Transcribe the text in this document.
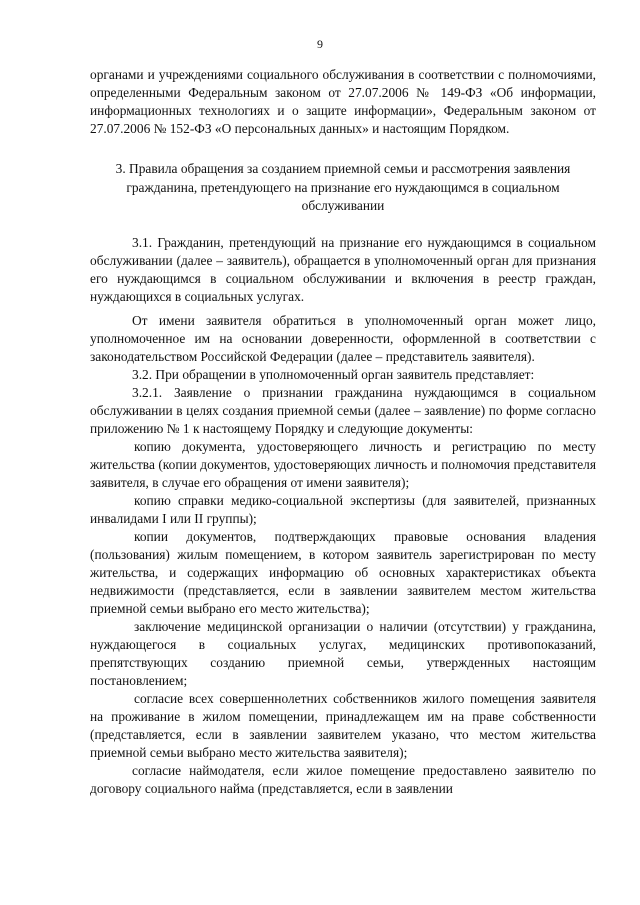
9

органами и учреждениями социального обслуживания в соответствии с полномочиями, определенными Федеральным законом от 27.07.2006 № 149-ФЗ «Об информации, информационных технологиях и о защите информации», Федеральным законом от 27.07.2006 № 152-ФЗ «О персональных данных» и настоящим Порядком.

3. Правила обращения за созданием приемной семьи и рассмотрения заявления гражданина, претендующего на признание его нуждающимся в социальном обслуживании

3.1. Гражданин, претендующий на признание его нуждающимся в социальном обслуживании (далее – заявитель), обращается в уполномоченный орган для признания его нуждающимся в социальном обслуживании и включения в реестр граждан, нуждающихся в социальных услугах.

От имени заявителя обратиться в уполномоченный орган может лицо, уполномоченное им на основании доверенности, оформленной в соответствии с законодательством Российской Федерации (далее – представитель заявителя).

3.2. При обращении в уполномоченный орган заявитель представляет:

3.2.1. Заявление о признании гражданина нуждающимся в социальном обслуживании в целях создания приемной семьи (далее – заявление) по форме согласно приложению № 1 к настоящему Порядку и следующие документы:

копию документа, удостоверяющего личность и регистрацию по месту жительства (копии документов, удостоверяющих личность и полномочия представителя заявителя, в случае его обращения от имени заявителя);

копию справки медико-социальной экспертизы (для заявителей, признанных инвалидами I или II группы);

копии документов, подтверждающих правовые основания владения (пользования) жилым помещением, в котором заявитель зарегистрирован по месту жительства, и содержащих информацию об основных характеристиках объекта недвижимости (представляется, если в заявлении заявителем местом жительства приемной семьи выбрано его место жительства);

заключение медицинской организации о наличии (отсутствии) у гражданина, нуждающегося в социальных услугах, медицинских противопоказаний, препятствующих созданию приемной семьи, утвержденных настоящим постановлением;

согласие всех совершеннолетних собственников жилого помещения заявителя на проживание в жилом помещении, принадлежащем им на праве собственности (представляется, если в заявлении заявителем указано, что местом жительства приемной семьи выбрано место жительства заявителя);

согласие наймодателя, если жилое помещение предоставлено заявителю по договору социального найма (представляется, если в заявлении
